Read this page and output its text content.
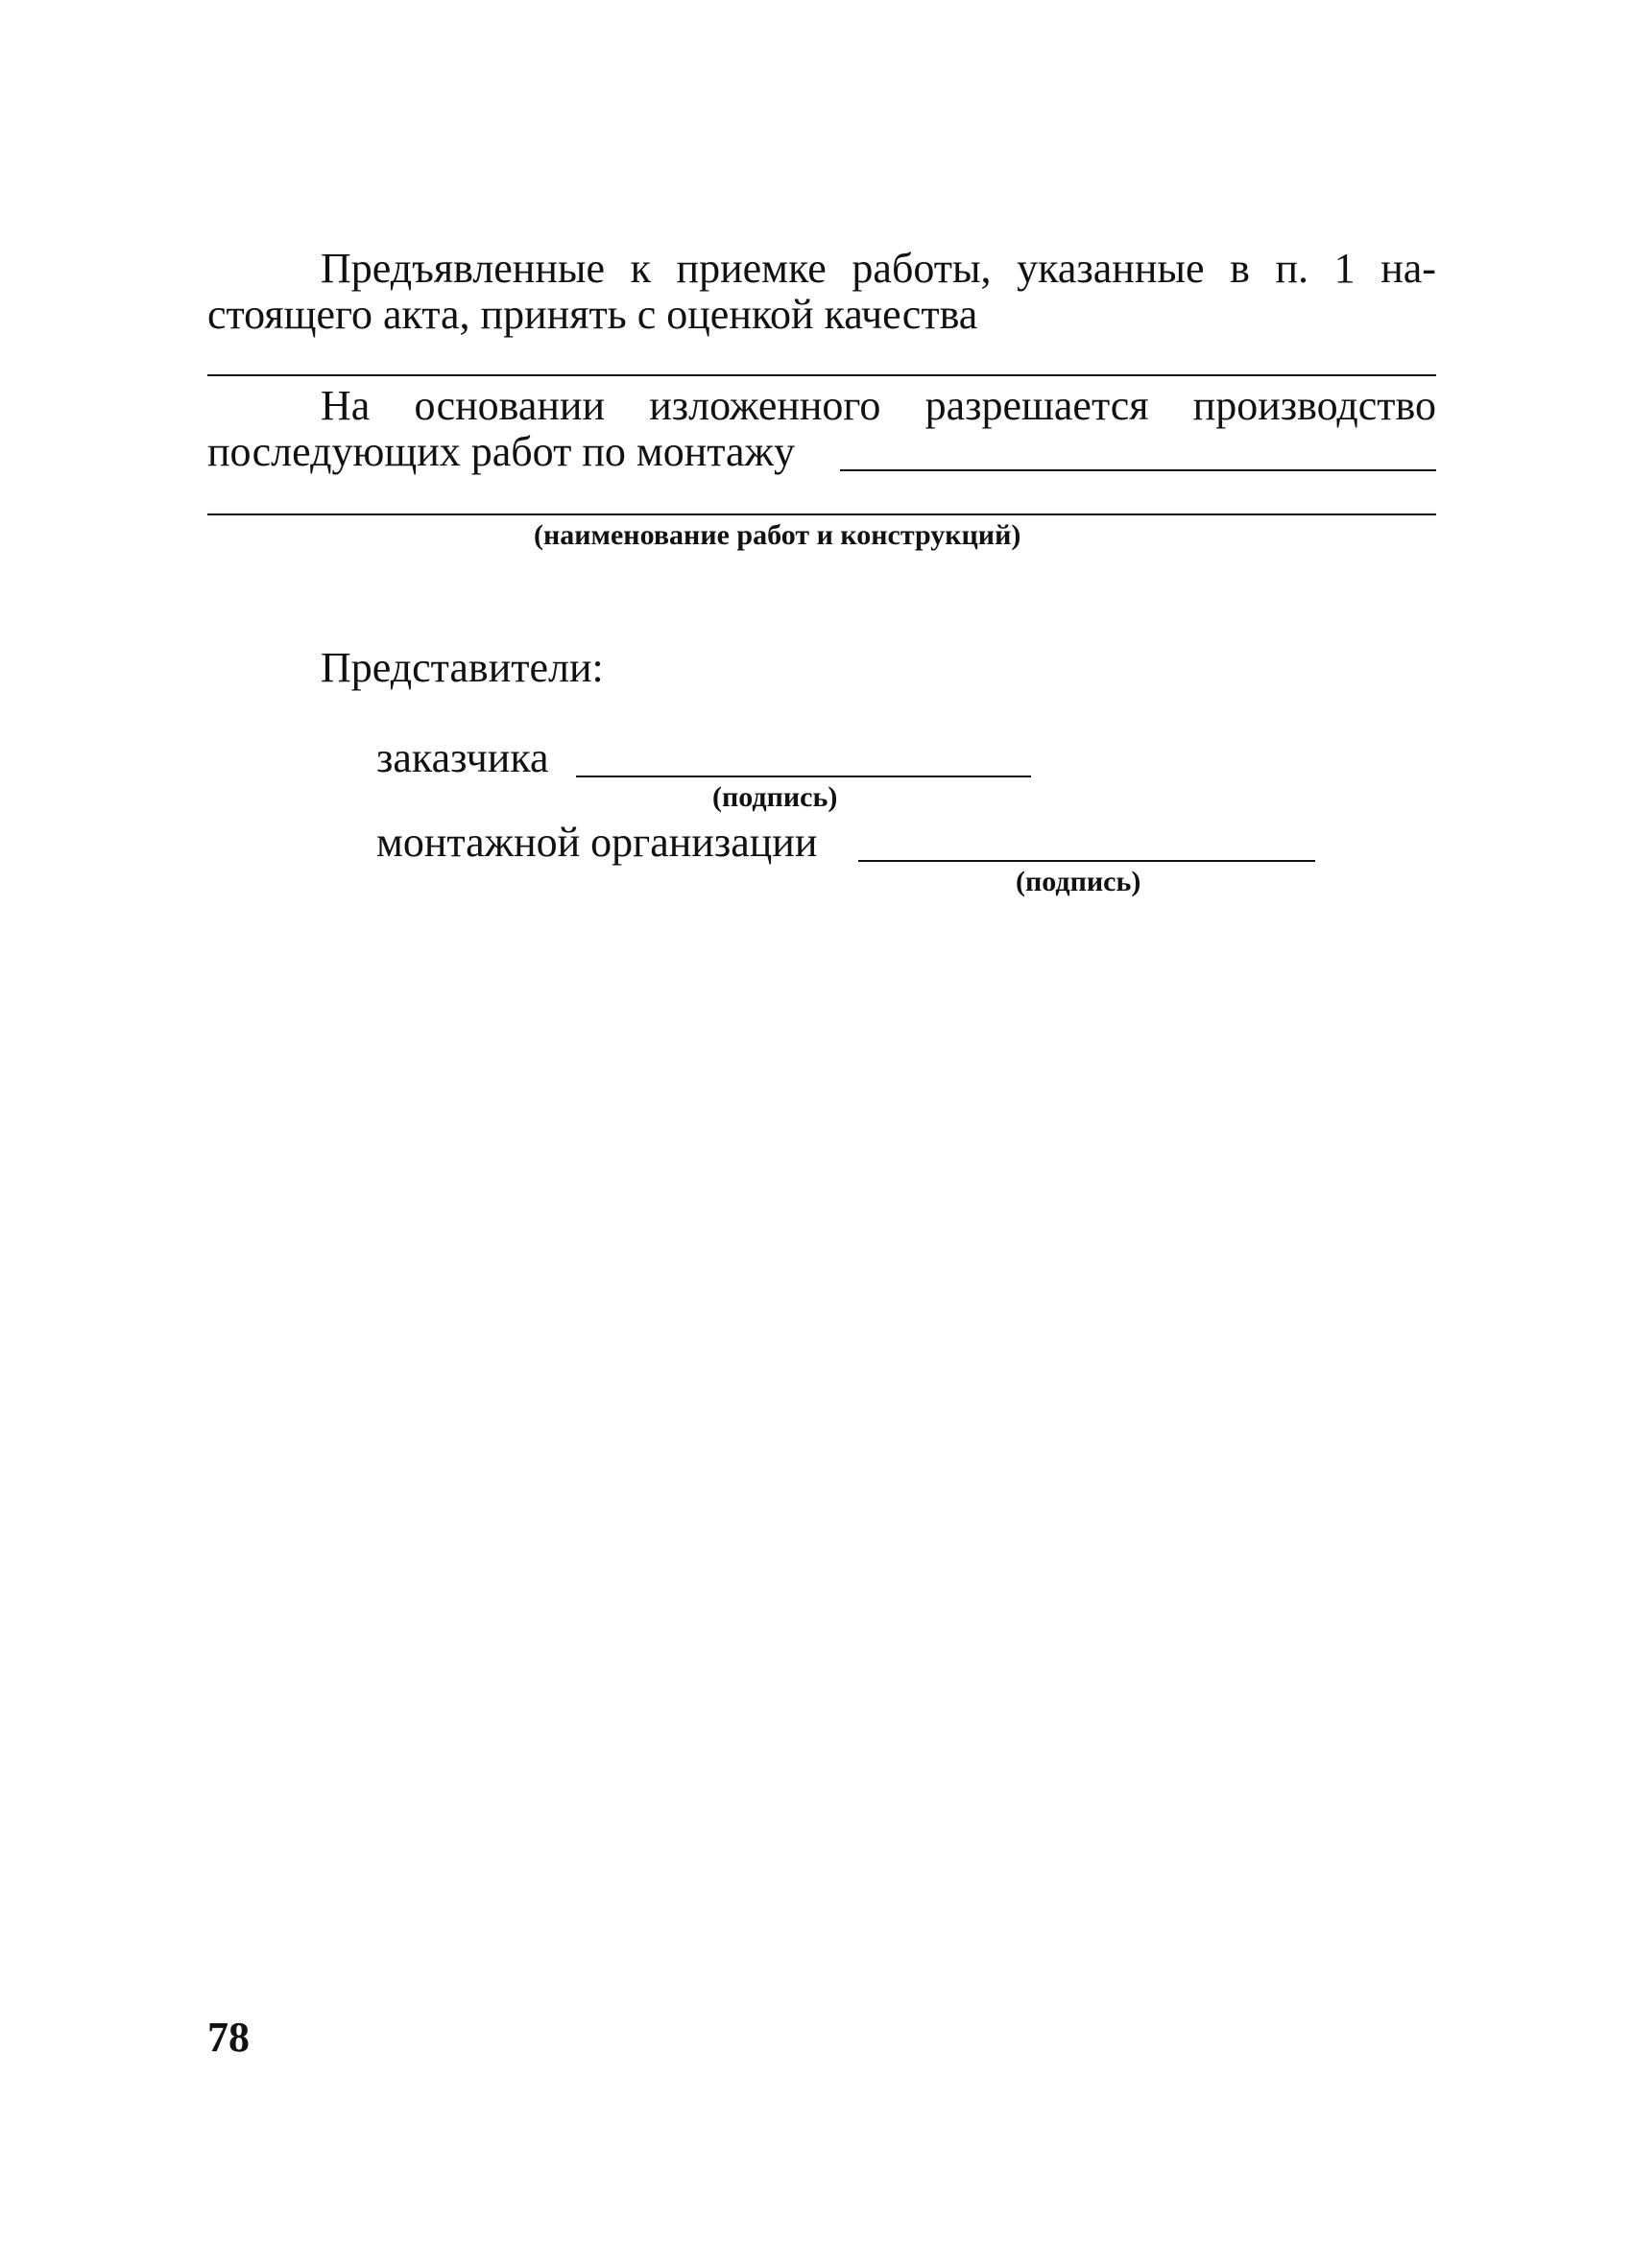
Предъявленные к приемке работы, указанные в п. 1 на-
стоящего акта, принять с оценкой качества
На основании изложенного разрешается производство
последующих работ по монтажу
(наименование работ и конструкций)
Представители:
заказчика
(подпись)
монтажной организации
(подпись)
78
